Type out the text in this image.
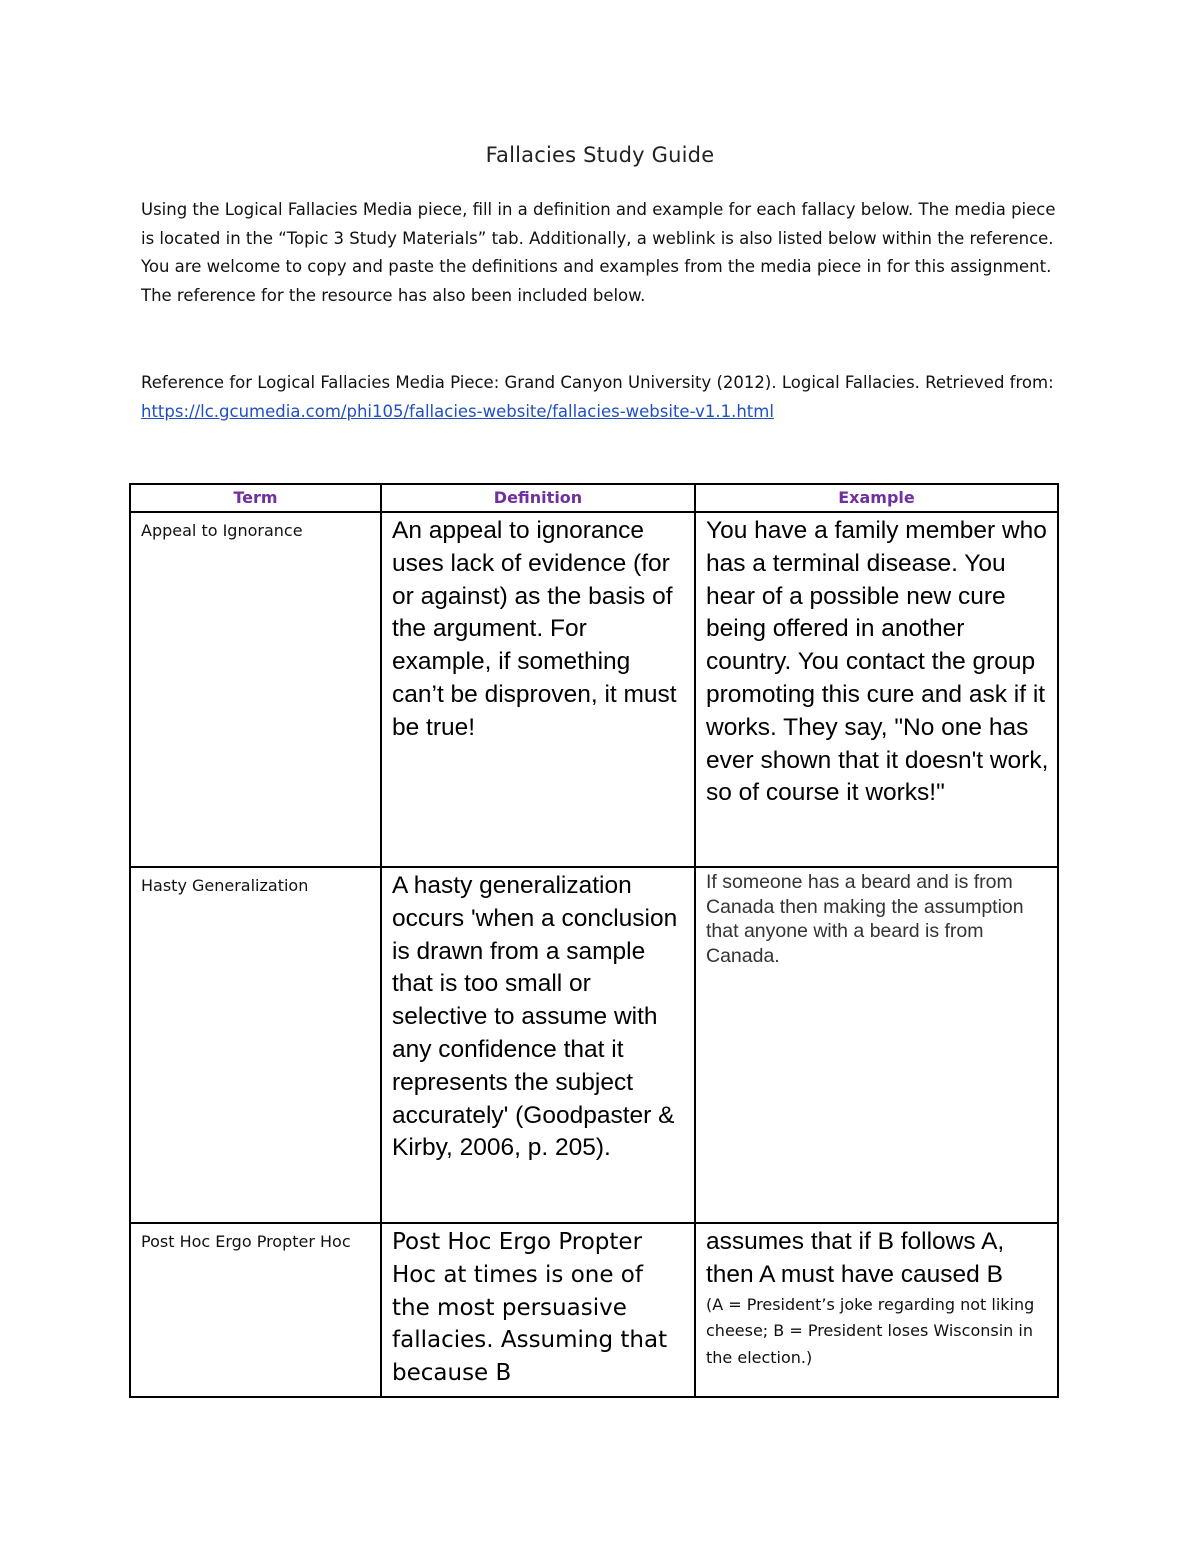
Fallacies Study Guide
Using the Logical Fallacies Media piece, fill in a definition and example for each fallacy below. The media piece is located in the “Topic 3 Study Materials” tab. Additionally, a weblink is also listed below within the reference. You are welcome to copy and paste the definitions and examples from the media piece in for this assignment. The reference for the resource has also been included below.
Reference for Logical Fallacies Media Piece: Grand Canyon University (2012). Logical Fallacies. Retrieved from: https://lc.gcumedia.com/phi105/fallacies-website/fallacies-website-v1.1.html
Term	Definition	Example

Appeal to Ignorance	An appeal to ignorance uses lack of evidence (for or against) as the basis of the argument. For example, if something can’t be disproven, it must be true!	You have a family member who has a terminal disease. You hear of a possible new cure being offered in another country. You contact the group promoting this cure and ask if it works. They say, "No one has ever shown that it doesn't work, so of course it works!"

Hasty Generalization	A hasty generalization occurs 'when a conclusion is drawn from a sample that is too small or selective to assume with any confidence that it represents the subject accurately' (Goodpaster & Kirby, 2006, p. 205).	If someone has a beard and is from Canada then making the assumption that anyone with a beard is from Canada.

Post Hoc Ergo Propter Hoc	Post Hoc Ergo Propter Hoc at times is one of the most persuasive fallacies. Assuming that because B	assumes that if B follows A, then A must have caused B
(A = President’s joke regarding not liking cheese; B = President loses Wisconsin in the election.)
